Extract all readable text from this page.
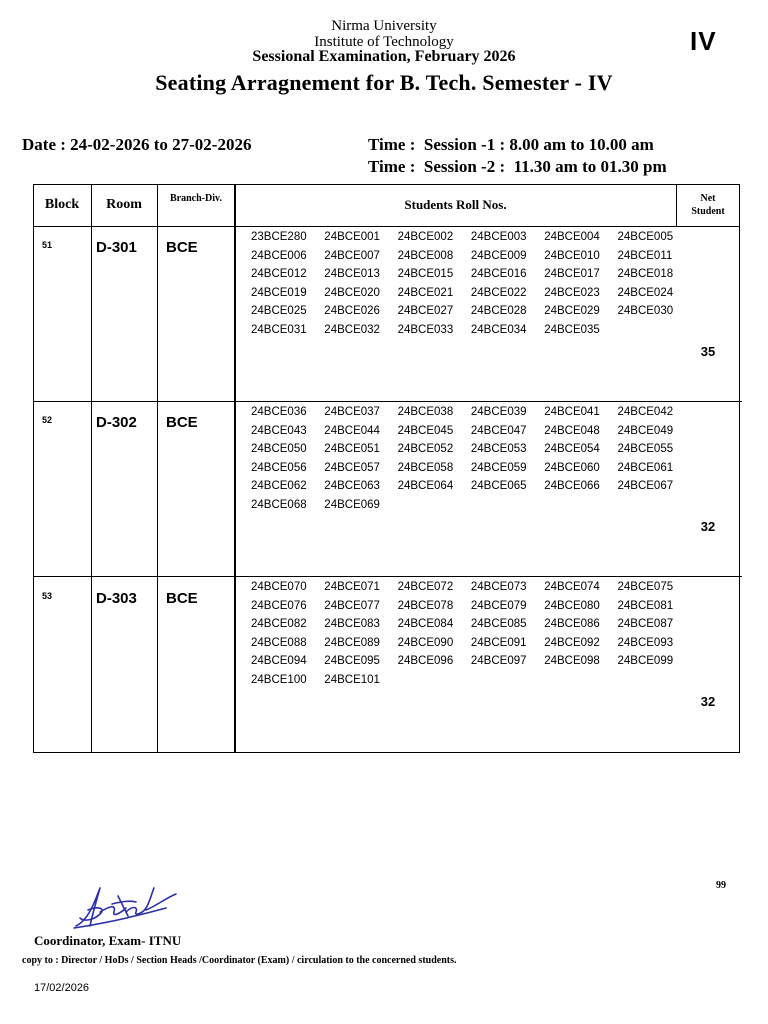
Nirma University
Institute of Technology
Sessional Examination, February 2026
Seating Arragnement for B. Tech. Semester - IV
IV
Date : 24-02-2026 to 27-02-2026	Time :  Session -1 : 8.00 am to 10.00 am
Time :  Session -2 :  11.30 am to 01.30 pm
Block	Room	Branch-Div.	Students Roll Nos.	Net
Student
51	D-301 BCE
23BCE280	24BCE001	24BCE002	24BCE003	24BCE004	24BCE005
24BCE006	24BCE007	24BCE008	24BCE009	24BCE010	24BCE011
24BCE012	24BCE013	24BCE015	24BCE016	24BCE017	24BCE018
24BCE019	24BCE020	24BCE021	24BCE022	24BCE023	24BCE024
24BCE025	24BCE026	24BCE027	24BCE028	24BCE029	24BCE030
24BCE031	24BCE032	24BCE033	24BCE034	24BCE035
35
52	D-302 BCE
24BCE036	24BCE037	24BCE038	24BCE039	24BCE041	24BCE042
24BCE043	24BCE044	24BCE045	24BCE047	24BCE048	24BCE049
24BCE050	24BCE051	24BCE052	24BCE053	24BCE054	24BCE055
24BCE056	24BCE057	24BCE058	24BCE059	24BCE060	24BCE061
24BCE062	24BCE063	24BCE064	24BCE065	24BCE066	24BCE067
24BCE068	24BCE069
32
53	D-303 BCE
24BCE070	24BCE071	24BCE072	24BCE073	24BCE074	24BCE075
24BCE076	24BCE077	24BCE078	24BCE079	24BCE080	24BCE081
24BCE082	24BCE083	24BCE084	24BCE085	24BCE086	24BCE087
24BCE088	24BCE089	24BCE090	24BCE091	24BCE092	24BCE093
24BCE094	24BCE095	24BCE096	24BCE097	24BCE098	24BCE099
24BCE100	24BCE101
32
99
Coordinator, Exam- ITNU
copy to : Director / HoDs / Section Heads /Coordinator (Exam) / circulation to the concerned students.
17/02/2026
